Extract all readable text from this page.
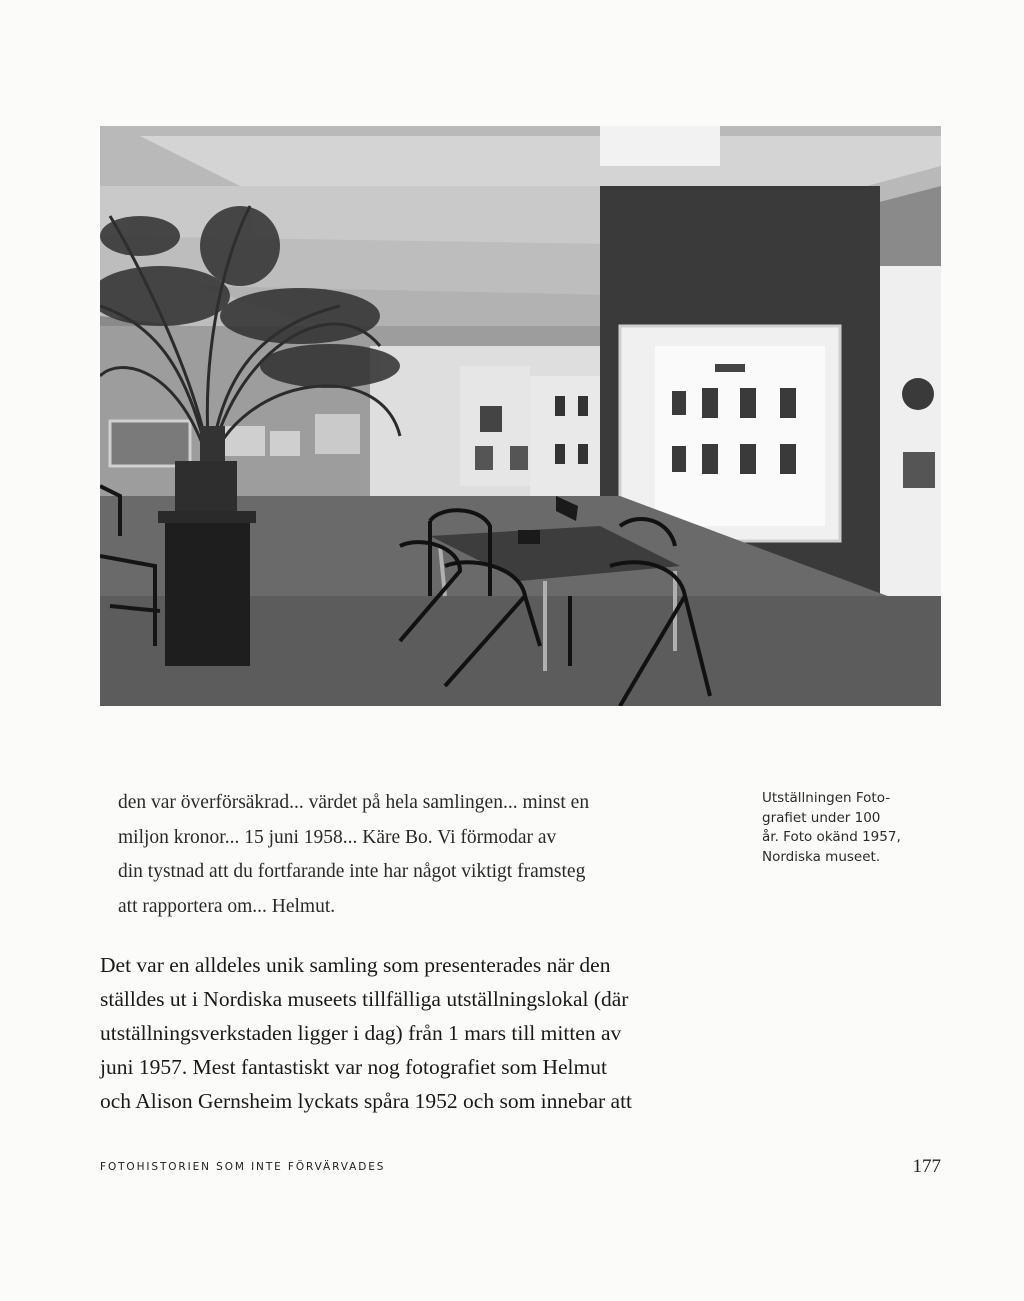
den var överförsäkrad... värdet på hela samlingen... minst en

miljon kronor... 15 juni 1958... Käre Bo. Vi förmodar av

din tystnad att du fortfarande inte har något viktigt framsteg

att rapportera om... Helmut.

Utställningen Foto-
grafiet under 100
år. Foto okänd 1957,
Nordiska museet.

Det var en alldeles unik samling som presenterades när den

ställdes ut i Nordiska museets tillfälliga utställningslokal (där

utställningsverkstaden ligger i dag) från 1 mars till mitten av

juni 1957. Mest fantastiskt var nog fotografiet som Helmut

och Alison Gernsheim lyckats spåra 1952 och som innebar att

FOTOHISTORIEN SOM INTE FÖRVÄRVADES	177
